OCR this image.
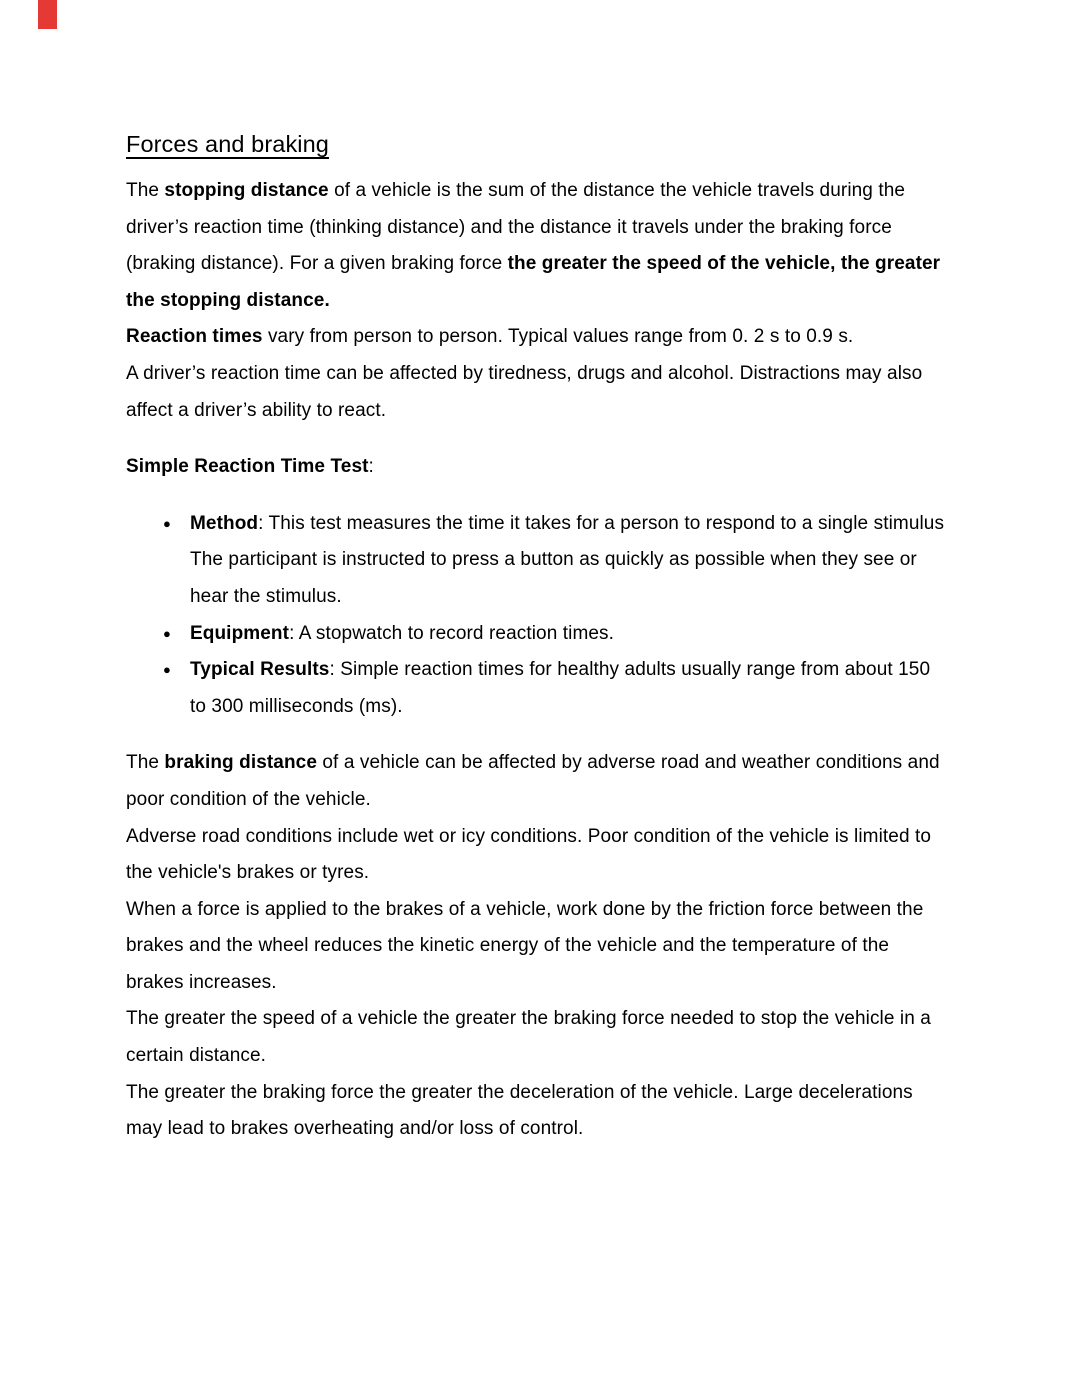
Forces and braking

The stopping distance of a vehicle is the sum of the distance the vehicle travels during the driver’s reaction time (thinking distance) and the distance it travels under the braking force (braking distance). For a given braking force the greater the speed of the vehicle, the greater the stopping distance.

Reaction times vary from person to person. Typical values range from 0. 2 s to 0.9 s.

A driver’s reaction time can be affected by tiredness, drugs and alcohol. Distractions may also affect a driver’s ability to react.

Simple Reaction Time Test:

● Method: This test measures the time it takes for a person to respond to a single stimulus The participant is instructed to press a button as quickly as possible when they see or hear the stimulus.
● Equipment: A stopwatch to record reaction times.
● Typical Results: Simple reaction times for healthy adults usually range from about 150 to 300 milliseconds (ms).

The braking distance of a vehicle can be affected by adverse road and weather conditions and poor condition of the vehicle.

Adverse road conditions include wet or icy conditions. Poor condition of the vehicle is limited to the vehicle's brakes or tyres.

When a force is applied to the brakes of a vehicle, work done by the friction force between the brakes and the wheel reduces the kinetic energy of the vehicle and the temperature of the brakes increases.

The greater the speed of a vehicle the greater the braking force needed to stop the vehicle in a certain distance.

The greater the braking force the greater the deceleration of the vehicle. Large decelerations may lead to brakes overheating and/or loss of control.
